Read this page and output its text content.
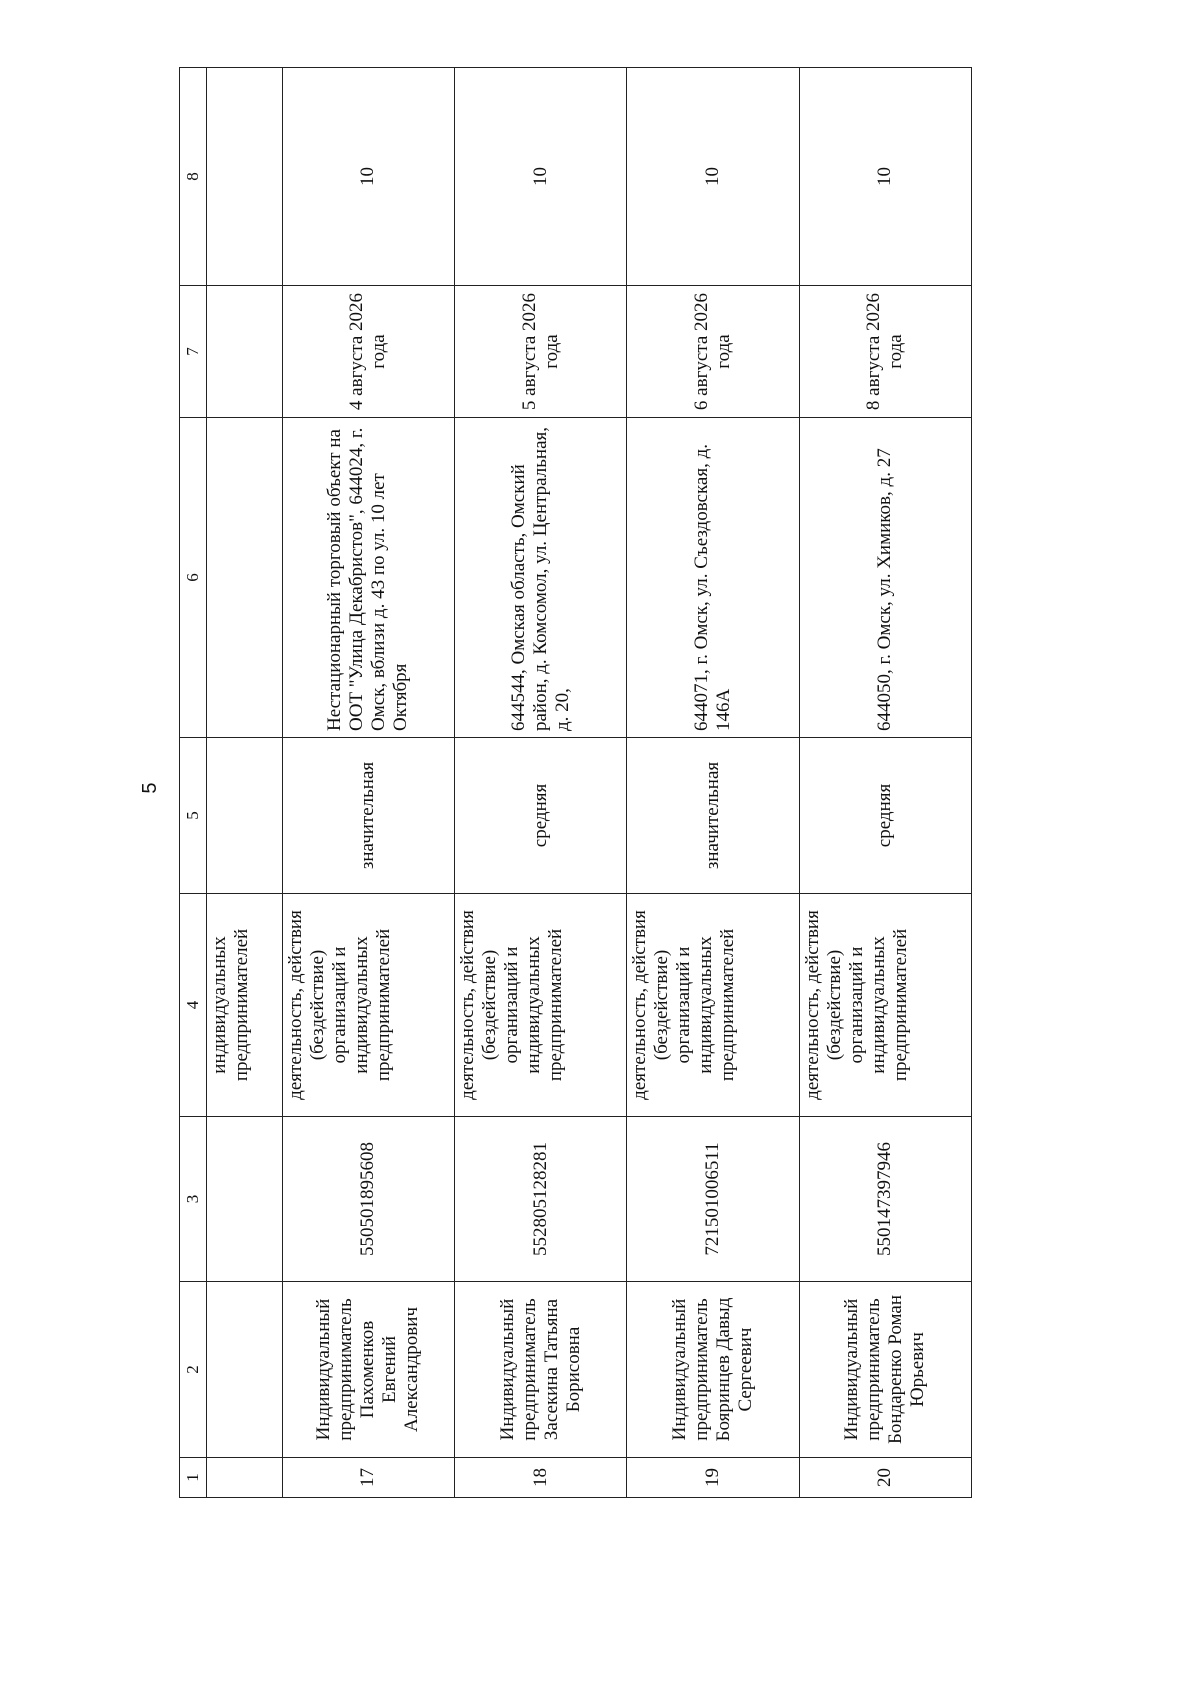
5
1	2	3	4	5	6	7	8
			индивидуальных предпринимателей				
17	Индивидуальный предприниматель Пахоменков Евгений Александрович	550501895608	деятельность, действия (бездействие) организаций и индивидуальных предпринимателей	значительная	Нестационарный торговый объект на ООТ "Улица Декабристов", 644024, г. Омск, вблизи д. 43 по ул. 10 лет Октября	4 августа 2026 года	10
18	Индивидуальный предприниматель Засекина Татьяна Борисовна	552805128281	деятельность, действия (бездействие) организаций и индивидуальных предпринимателей	средняя	644544, Омская область, Омский район, д. Комсомол, ул. Центральная, д. 20,	5 августа 2026 года	10
19	Индивидуальный предприниматель Бояринцев Давыд Сергеевич	721501006511	деятельность, действия (бездействие) организаций и индивидуальных предпринимателей	значительная	644071, г. Омск, ул. Съездовская, д. 146А	6 августа 2026 года	10
20	Индивидуальный предприниматель Бондаренко Роман Юрьевич	550147397946	деятельность, действия (бездействие) организаций и индивидуальных предпринимателей	средняя	644050, г. Омск, ул. Химиков, д. 27	8 августа 2026 года	10
